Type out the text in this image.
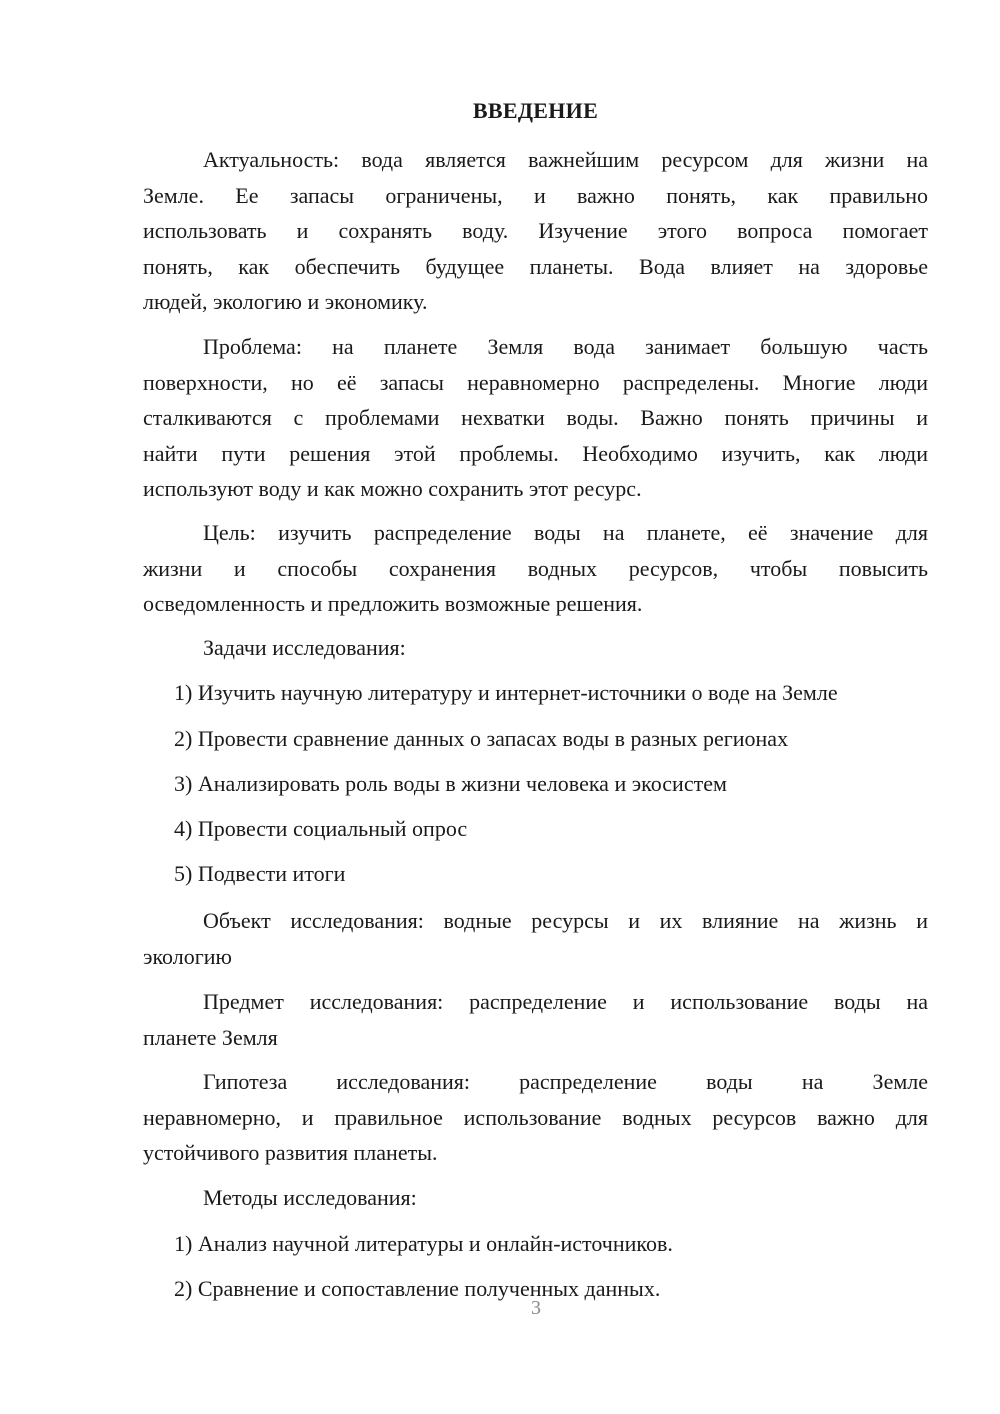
ВВЕДЕНИЕ
Актуальность: вода является важнейшим ресурсом для жизни на
Земле. Ее запасы ограничены, и важно понять, как правильно
использовать и сохранять воду. Изучение этого вопроса помогает
понять, как обеспечить будущее планеты. Вода влияет на здоровье
людей, экологию и экономику.
Проблема: на планете Земля вода занимает большую часть
поверхности, но её запасы неравномерно распределены. Многие люди
сталкиваются с проблемами нехватки воды. Важно понять причины и
найти пути решения этой проблемы. Необходимо изучить, как люди
используют воду и как можно сохранить этот ресурс.
Цель: изучить распределение воды на планете, её значение для
жизни и способы сохранения водных ресурсов, чтобы повысить
осведомленность и предложить возможные решения.
Задачи исследования:
1) Изучить научную литературу и интернет-источники о воде на Земле
2) Провести сравнение данных о запасах воды в разных регионах
3) Анализировать роль воды в жизни человека и экосистем
4) Провести социальный опрос
5) Подвести итоги
Объект исследования: водные ресурсы и их влияние на жизнь и
экологию
Предмет исследования: распределение и использование воды на
планете Земля
Гипотеза исследования: распределение воды на Земле
неравномерно, и правильное использование водных ресурсов важно для
устойчивого развития планеты.
Методы исследования:
1) Анализ научной литературы и онлайн-источников.
2) Сравнение и сопоставление полученных данных.
3
